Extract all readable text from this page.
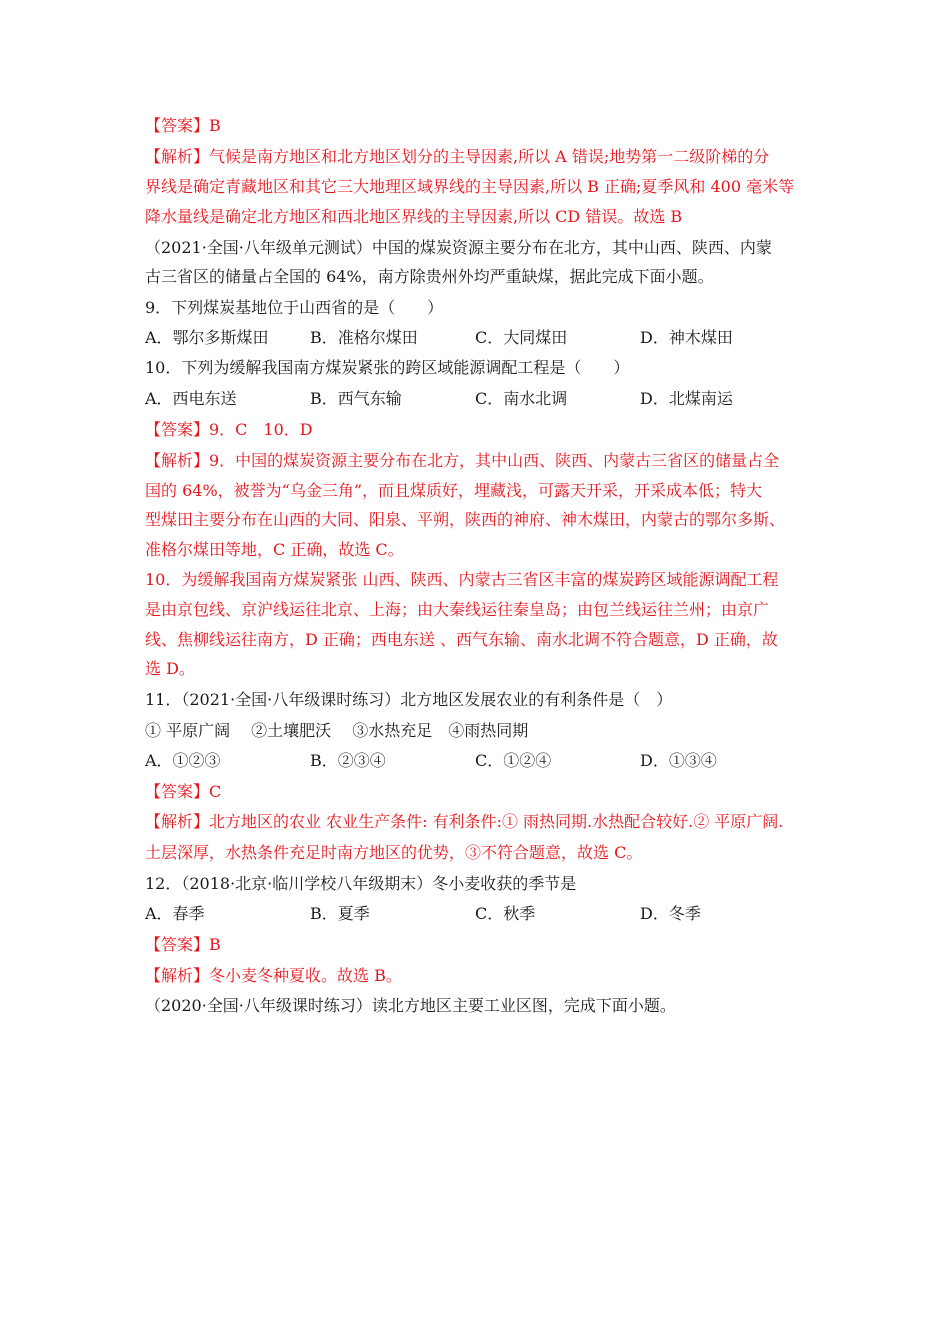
【答案】B
【解析】气候是南方地区和北方地区划分的主导因素,所以 A 错误;地势第一二级阶梯的分
界线是确定青藏地区和其它三大地理区域界线的主导因素,所以 B 正确;夏季风和 400 毫米等
降水量线是确定北方地区和西北地区界线的主导因素,所以 CD 错误。故选 B
（2021·全国·八年级单元测试）中国的煤炭资源主要分布在北方，其中山西、陕西、内蒙
古三省区的储量占全国的 64%，南方除贵州外均严重缺煤，据此完成下面小题。
9．下列煤炭基地位于山西省的是（　　）
A．鄂尔多斯煤田	B．准格尔煤田	C．大同煤田	D．神木煤田
10．下列为缓解我国南方煤炭紧张的跨区域能源调配工程是（　　）
A．西电东送	B．西气东输	C．南水北调	D．北煤南运
【答案】9．C　10．D
【解析】9．中国的煤炭资源主要分布在北方，其中山西、陕西、内蒙古三省区的储量占全
国的 64%，被誉为“乌金三角”，而且煤质好，埋藏浅，可露天开采，开采成本低；特大
型煤田主要分布在山西的大同、阳泉、平朔，陕西的神府、神木煤田，内蒙古的鄂尔多斯、
准格尔煤田等地，C 正确，故选 C。
10．为缓解我国南方煤炭紧张 山西、陕西、内蒙古三省区丰富的煤炭跨区域能源调配工程
是由京包线、京沪线运往北京、上海；由大秦线运往秦皇岛；由包兰线运往兰州；由京广
线、焦柳线运往南方，D 正确；西电东送 、西气东输、南水北调不符合题意，D 正确，故
选 D。
11．（2021·全国·八年级课时练习）北方地区发展农业的有利条件是（　）
① 平原广阔　 ②土壤肥沃　 ③水热充足　④雨热同期
A．①②③	B．②③④	C．①②④	D．①③④
【答案】C
【解析】北方地区的农业 农业生产条件: 有利条件:① 雨热同期.水热配合较好.② 平原广阔.
土层深厚，水热条件充足时南方地区的优势，③不符合题意，故选 C。
12．（2018·北京·临川学校八年级期末）冬小麦收获的季节是
A．春季	B．夏季	C．秋季	D．冬季
【答案】B
【解析】冬小麦冬种夏收。故选 B。
（2020·全国·八年级课时练习）读北方地区主要工业区图，完成下面小题。
